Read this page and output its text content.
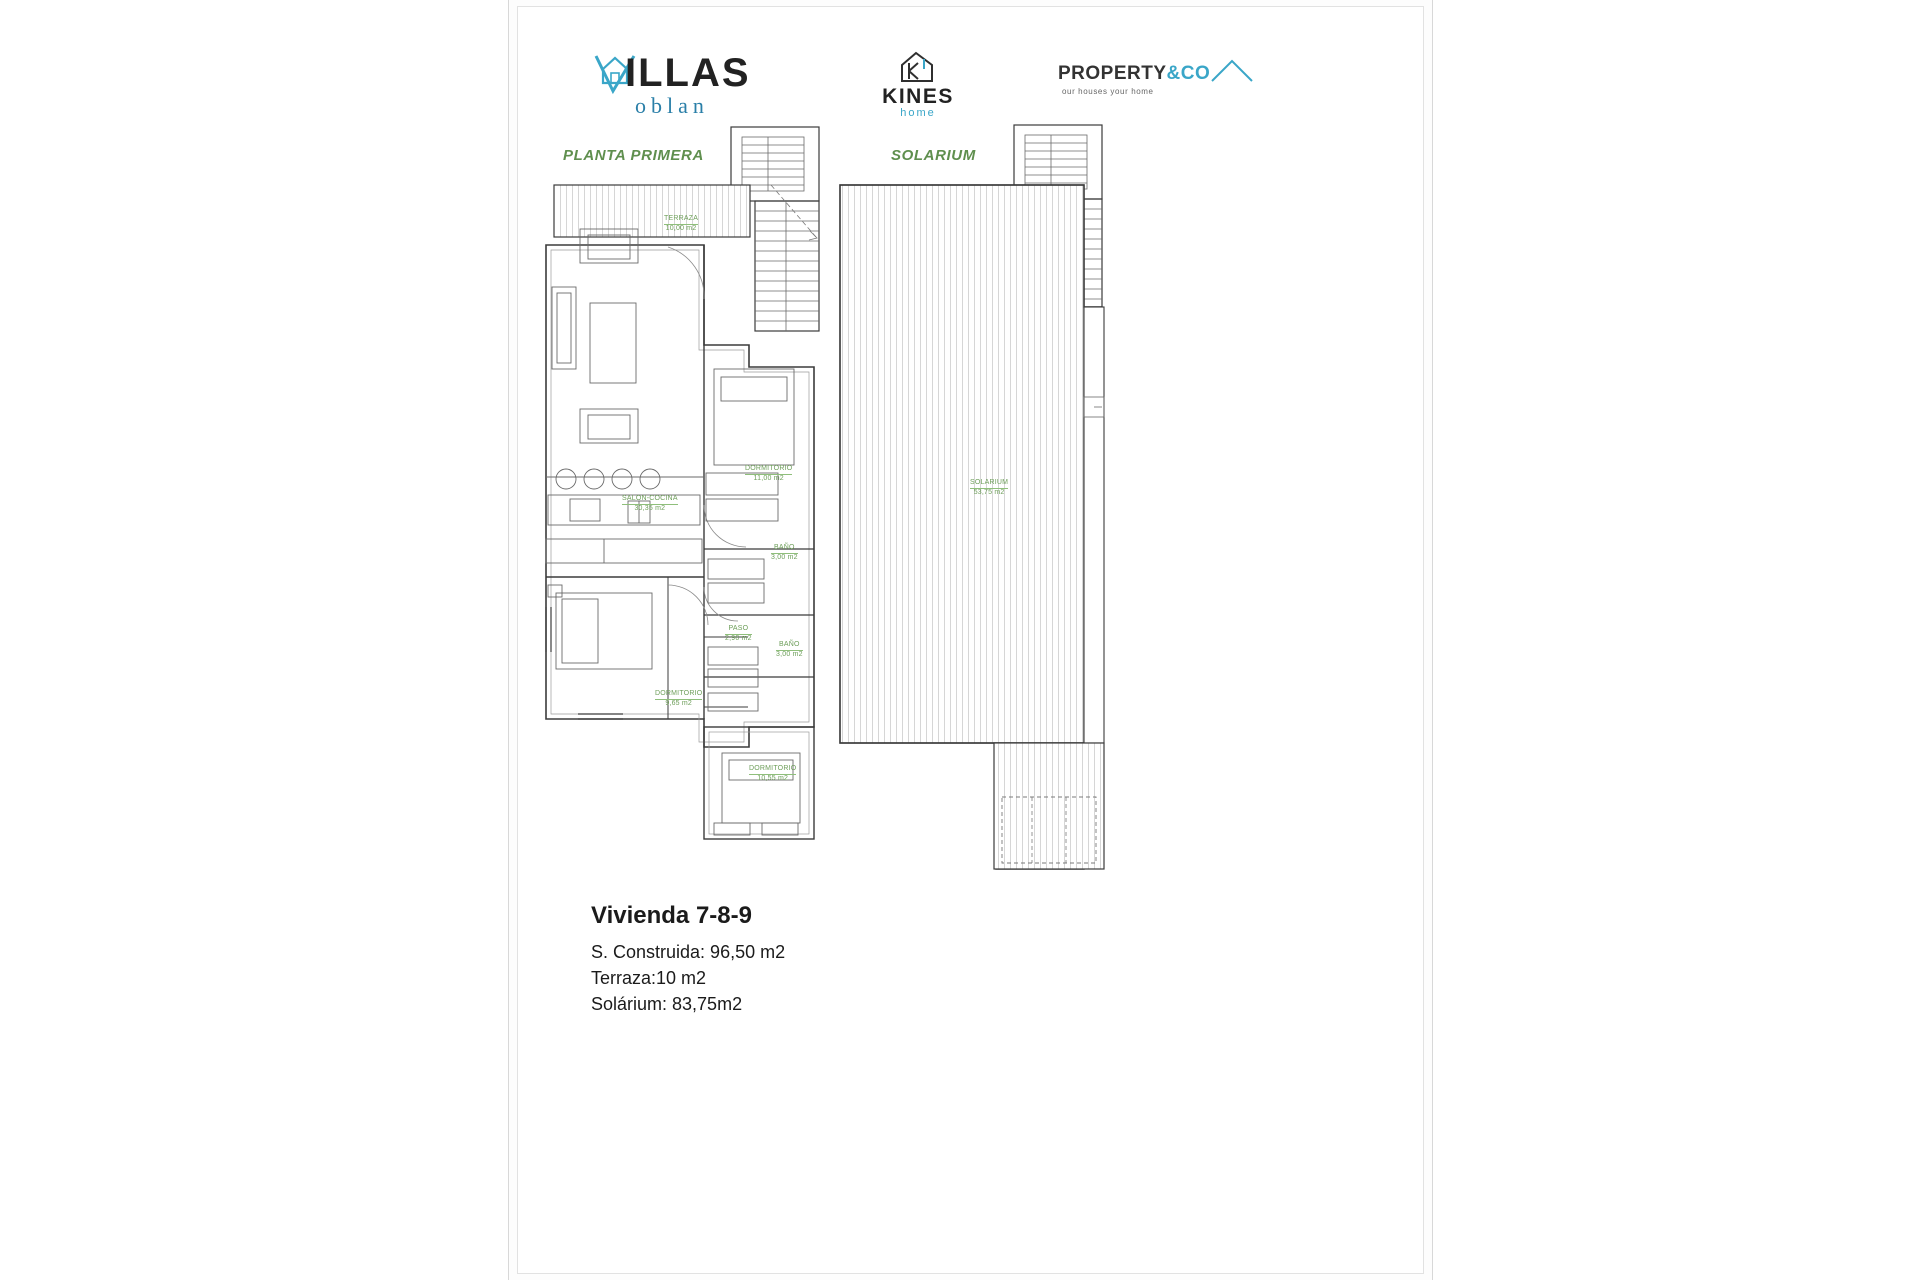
ILLAS
oblan	KINES
home
PROPERTY&CO
our houses your home
PLANTA PRIMERA	SOLARIUM
TERRAZA
10,00 m2
SALON-COCINA
30,35 m2
DORMITORIO
11,00 m2
BAÑO
3,00 m2
PASO
2,90 m2
BAÑO
3,00 m2
DORMITORIO
9,65 m2
DORMITORIO
10,55 m2
SOLARIUM
53,75 m2
Vivienda 7-8-9
S. Construida: 96,50 m2
Terraza:10 m2
Solárium: 83,75m2
